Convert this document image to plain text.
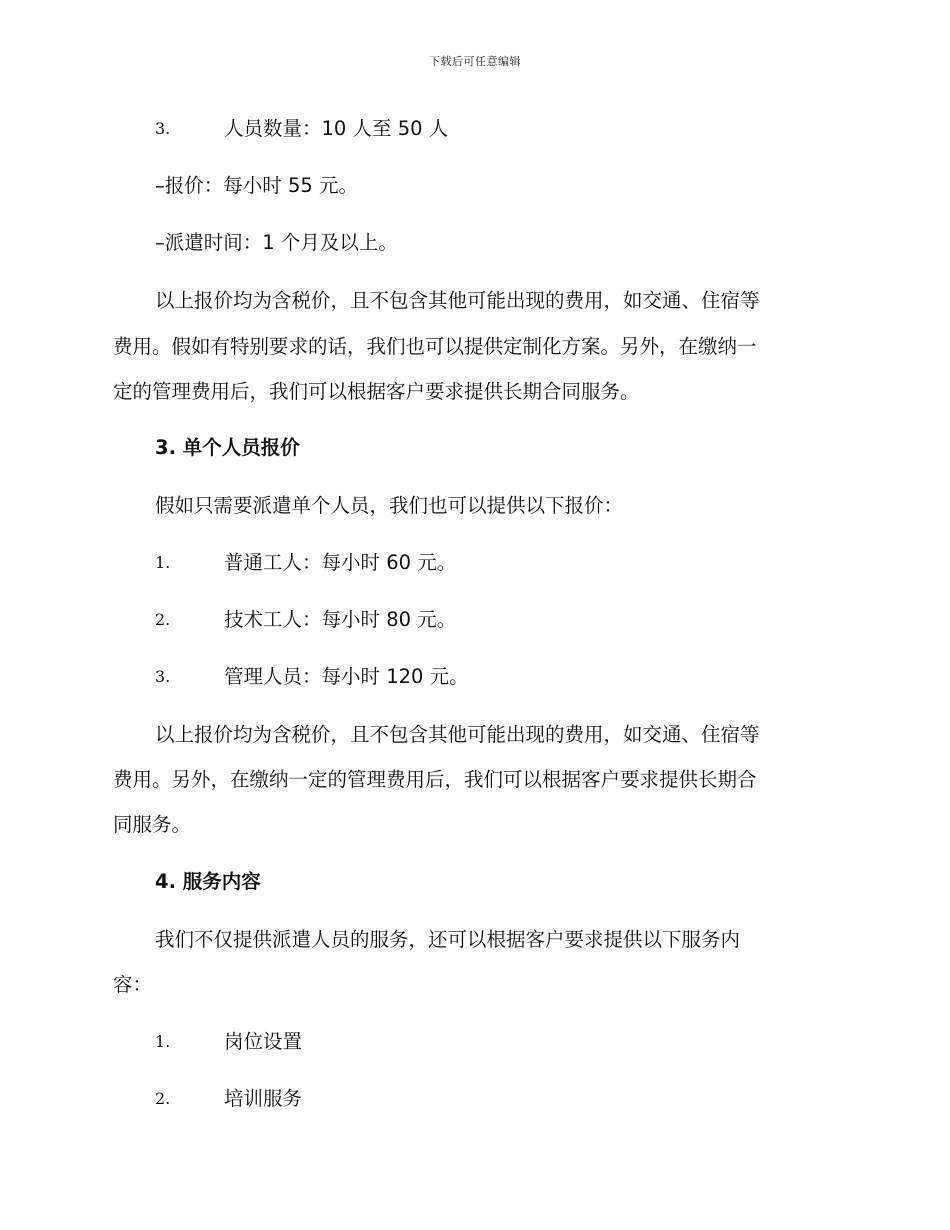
下载后可任意编辑
3.	人员数量：10 人至 50 人
–报价：每小时 55 元。
–派遣时间：1 个月及以上。
以上报价均为含税价，且不包含其他可能出现的费用，如交通、住宿等
费用。假如有特别要求的话，我们也可以提供定制化方案。另外，在缴纳一
定的管理费用后，我们可以根据客户要求提供长期合同服务。
3. 单个人员报价
假如只需要派遣单个人员，我们也可以提供以下报价：
1.	普通工人：每小时 60 元。
2.	技术工人：每小时 80 元。
3.	管理人员：每小时 120 元。
以上报价均为含税价，且不包含其他可能出现的费用，如交通、住宿等
费用。另外，在缴纳一定的管理费用后，我们可以根据客户要求提供长期合
同服务。
4. 服务内容
我们不仅提供派遣人员的服务，还可以根据客户要求提供以下服务内
容：
1.	岗位设置
2.	培训服务
